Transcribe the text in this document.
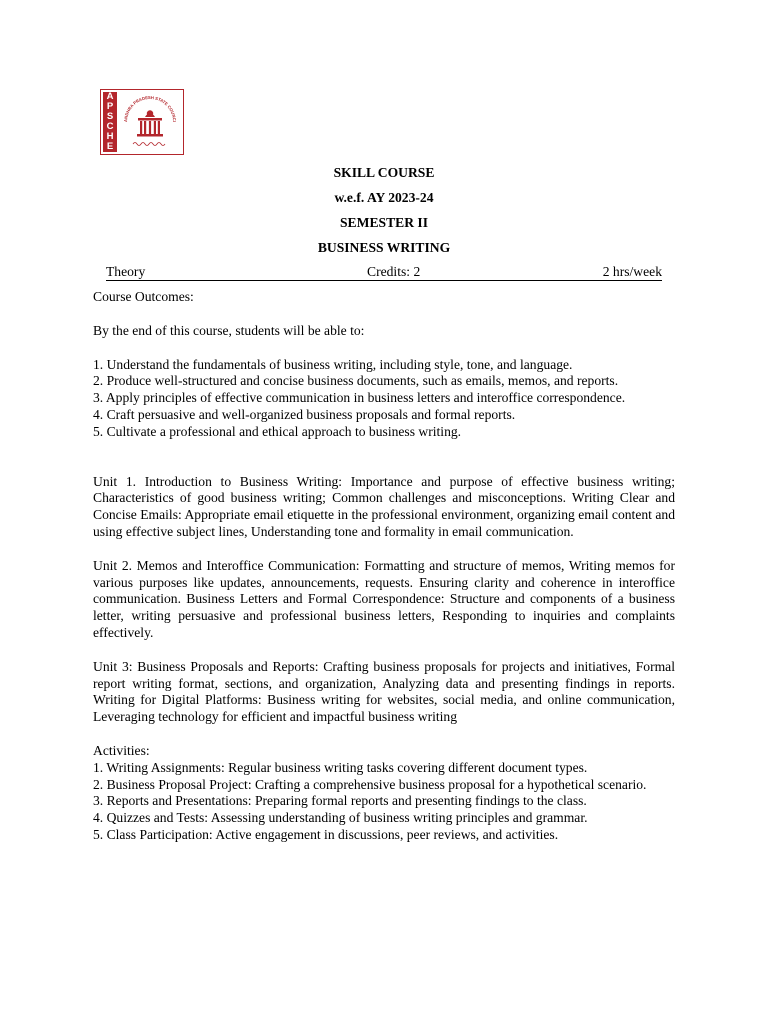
A
P
S
C
H
E
ANDHRA PRADESH STATE COUNCI
SKILL COURSE
w.e.f. AY 2023-24
SEMESTER II
BUSINESS WRITING
Theory	Credits: 2	2 hrs/week

Course Outcomes:

By the end of this course, students will be able to:

1. Understand the fundamentals of business writing, including style, tone, and language.
2. Produce well-structured and concise business documents, such as emails, memos, and reports.
3. Apply principles of effective communication in business letters and interoffice correspondence.
4. Craft persuasive and well-organized business proposals and formal reports.
5. Cultivate a professional and ethical approach to business writing.

Unit 1. Introduction to Business Writing: Importance and purpose of effective business writing; Characteristics of good business writing; Common challenges and misconceptions. Writing Clear and Concise Emails: Appropriate email etiquette in the professional environment, organizing email content and using effective subject lines, Understanding tone and formality in email communication.

Unit 2. Memos and Interoffice Communication: Formatting and structure of memos, Writing memos for various purposes like updates, announcements, requests. Ensuring clarity and coherence in interoffice communication. Business Letters and Formal Correspondence: Structure and components of a business letter, writing persuasive and professional business letters, Responding to inquiries and complaints effectively.

Unit 3: Business Proposals and Reports: Crafting business proposals for projects and initiatives, Formal report writing format, sections, and organization, Analyzing data and presenting findings in reports. Writing for Digital Platforms: Business writing for websites, social media, and online communication, Leveraging technology for efficient and impactful business writing

Activities:

1. Writing Assignments: Regular business writing tasks covering different document types.
2. Business Proposal Project: Crafting a comprehensive business proposal for a hypothetical scenario.
3. Reports and Presentations: Preparing formal reports and presenting findings to the class.
4. Quizzes and Tests: Assessing understanding of business writing principles and grammar.
5. Class Participation: Active engagement in discussions, peer reviews, and activities.
